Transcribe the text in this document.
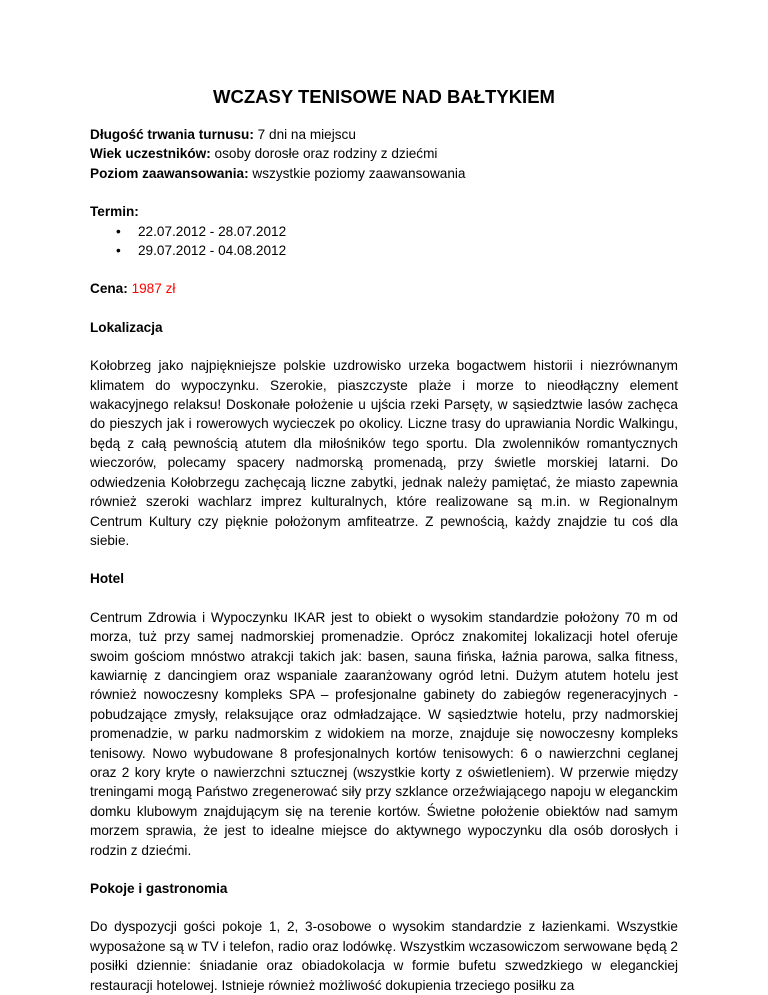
WCZASY TENISOWE NAD BAŁTYKIEM

Długość trwania turnusu: 7 dni na miejscu

Wiek uczestników: osoby dorosłe oraz rodziny z dziećmi

Poziom zaawansowania: wszystkie poziomy zaawansowania

Termin:
• 22.07.2012 - 28.07.2012
• 29.07.2012 - 04.08.2012
Cena: 1987 zł
Lokalizacja

Kołobrzeg jako najpiękniejsze polskie uzdrowisko urzeka bogactwem historii i niezrównanym klimatem do wypoczynku. Szerokie, piaszczyste plaże i morze to nieodłączny element wakacyjnego relaksu! Doskonałe położenie u ujścia rzeki Parsęty, w sąsiedztwie lasów zachęca do pieszych jak i rowerowych wycieczek po okolicy. Liczne trasy do uprawiania Nordic Walkingu, będą z całą pewnością atutem dla miłośników tego sportu. Dla zwolenników romantycznych wieczorów, polecamy spacery nadmorską promenadą, przy świetle morskiej latarni. Do odwiedzenia Kołobrzegu zachęcają liczne zabytki, jednak należy pamiętać, że miasto zapewnia również szeroki wachlarz imprez kulturalnych, które realizowane są m.in. w Regionalnym Centrum Kultury czy pięknie położonym amfiteatrze. Z pewnością, każdy znajdzie tu coś dla siebie.

Hotel

Centrum Zdrowia i Wypoczynku IKAR jest to obiekt o wysokim standardzie położony 70 m od morza, tuż przy samej nadmorskiej promenadzie. Oprócz znakomitej lokalizacji hotel oferuje swoim gościom mnóstwo atrakcji takich jak: basen, sauna fińska, łaźnia parowa, salka fitness, kawiarnię z dancingiem oraz wspaniale zaaranżowany ogród letni. Dużym atutem hotelu jest również nowoczesny kompleks SPA – profesjonalne gabinety do zabiegów regeneracyjnych - pobudzające zmysły, relaksujące oraz odmładzające. W sąsiedztwie hotelu, przy nadmorskiej promenadzie, w parku nadmorskim z widokiem na morze, znajduje się nowoczesny kompleks tenisowy. Nowo wybudowane 8 profesjonalnych kortów tenisowych: 6 o nawierzchni ceglanej oraz 2 kory kryte o nawierzchni sztucznej (wszystkie korty z oświetleniem). W przerwie między treningami mogą Państwo zregenerować siły przy szklance orzeźwiającego napoju w eleganckim domku klubowym znajdującym się na terenie kortów. Świetne położenie obiektów nad samym morzem sprawia, że jest to idealne miejsce do aktywnego wypoczynku dla osób dorosłych i rodzin z dziećmi.

Pokoje i gastronomia

Do dyspozycji gości pokoje 1, 2, 3-osobowe o wysokim standardzie z łazienkami. Wszystkie wyposażone są w TV i telefon, radio oraz lodówkę. Wszystkim wczasowiczom serwowane będą 2 posiłki dziennie: śniadanie oraz obiadokolacja w formie bufetu szwedzkiego w eleganckiej restauracji hotelowej. Istnieje również możliwość dokupienia trzeciego posiłku za
